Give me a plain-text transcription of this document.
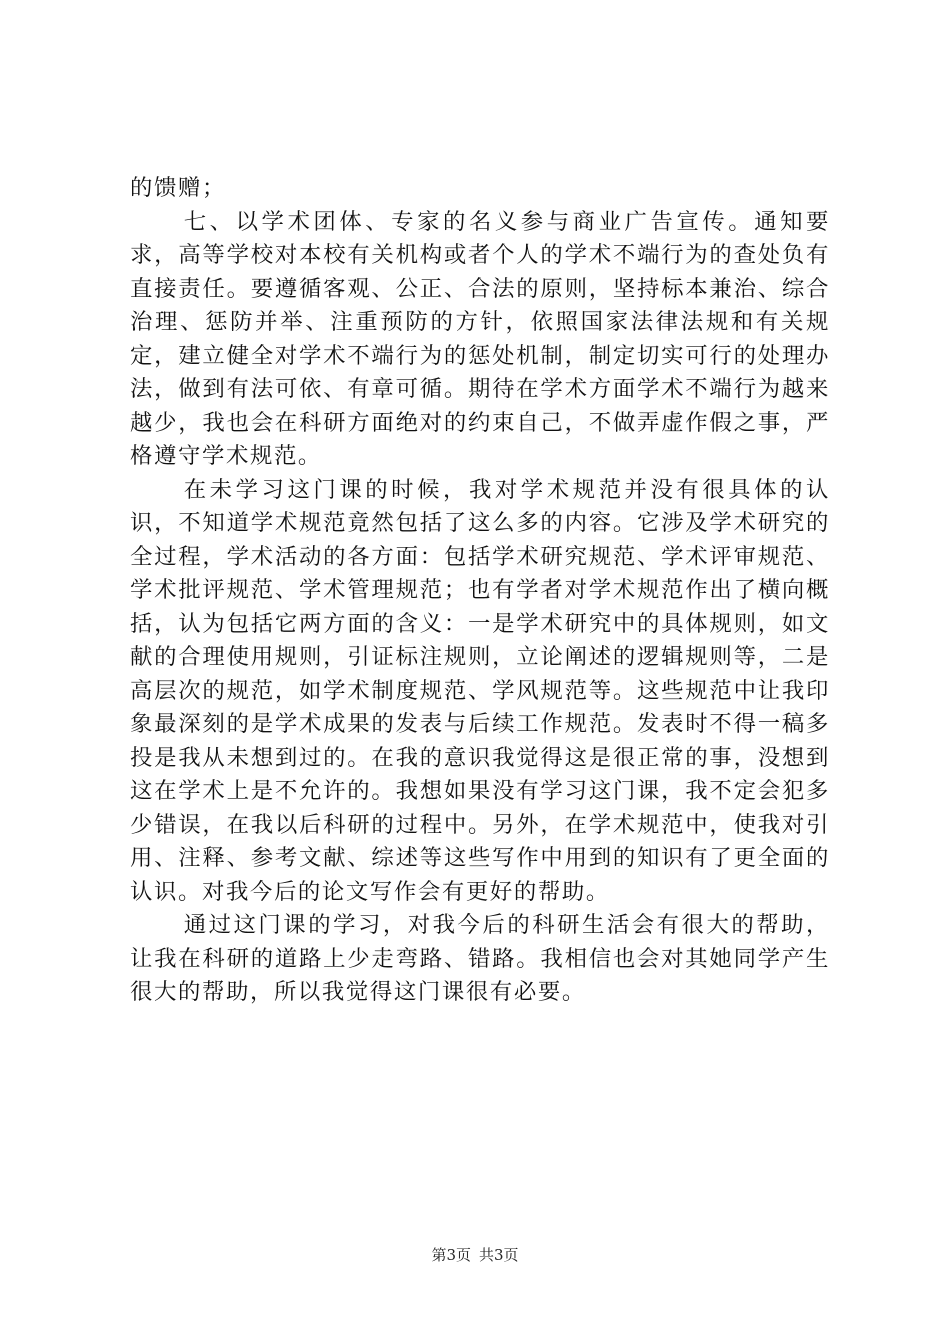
的馈赠；

七、以学术团体、专家的名义参与商业广告宣传。通知要求，高等学校对本校有关机构或者个人的学术不端行为的查处负有直接责任。要遵循客观、公正、合法的原则，坚持标本兼治、综合治理、惩防并举、注重预防的方针，依照国家法律法规和有关规定，建立健全对学术不端行为的惩处机制，制定切实可行的处理办法，做到有法可依、有章可循。期待在学术方面学术不端行为越来越少，我也会在科研方面绝对的约束自己，不做弄虚作假之事，严格遵守学术规范。

在未学习这门课的时候，我对学术规范并没有很具体的认识，不知道学术规范竟然包括了这么多的内容。它涉及学术研究的全过程，学术活动的各方面：包括学术研究规范、学术评审规范、学术批评规范、学术管理规范；也有学者对学术规范作出了横向概括，认为包括它两方面的含义：一是学术研究中的具体规则，如文献的合理使用规则，引证标注规则，立论阐述的逻辑规则等，二是高层次的规范，如学术制度规范、学风规范等。这些规范中让我印象最深刻的是学术成果的发表与后续工作规范。发表时不得一稿多投是我从未想到过的。在我的意识我觉得这是很正常的事，没想到这在学术上是不允许的。我想如果没有学习这门课，我不定会犯多少错误，在我以后科研的过程中。另外，在学术规范中，使我对引用、注释、参考文献、综述等这些写作中用到的知识有了更全面的认识。对我今后的论文写作会有更好的帮助。

通过这门课的学习，对我今后的科研生活会有很大的帮助，让我在科研的道路上少走弯路、错路。我相信也会对其她同学产生很大的帮助，所以我觉得这门课很有必要。

第3页 共3页
